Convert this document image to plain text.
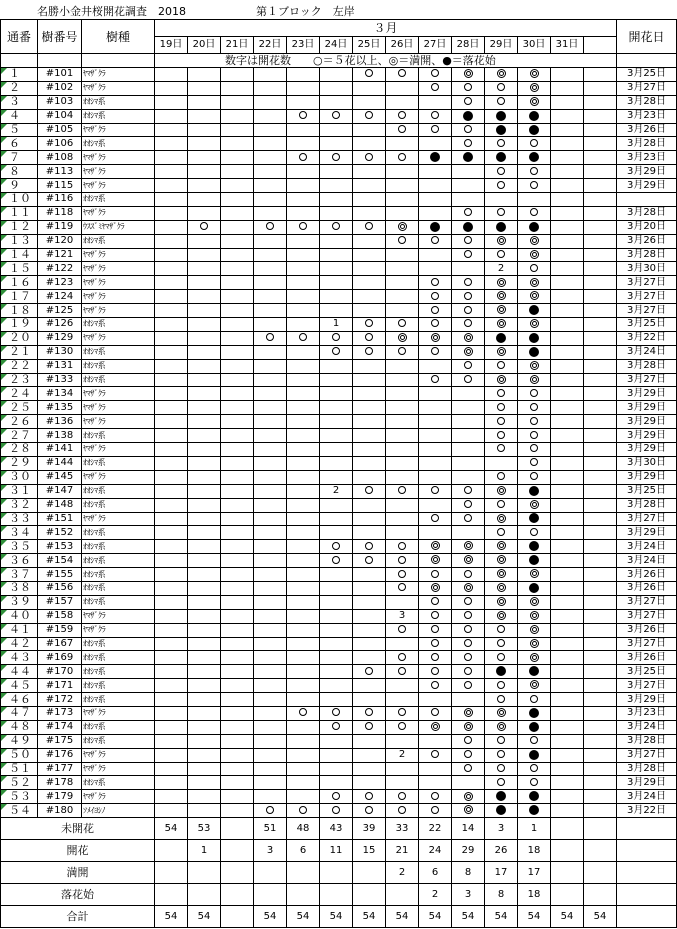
名勝小金井桜開花調査　2018	第１ブロック　左岸
通番	樹番号	樹種	３月														開花日
			19日	20日	21日	22日	23日	24日	25日	26日	27日	28日	29日	30日	31日		
			数字は開花数　　○＝５花以上、◎＝満開、●＝落花始														
１	#101	ﾔﾏｻﾞｸﾗ															3月25日
２	#102	ﾔﾏｻﾞｸﾗ															3月27日
３	#103	ｵｵｼﾏ系															3月28日
４	#104	ｵｵｼﾏ系															3月23日
５	#105	ﾔﾏｻﾞｸﾗ															3月26日
６	#106	ｵｵｼﾏ系															3月28日
７	#108	ﾔﾏｻﾞｸﾗ															3月23日
８	#113	ﾔﾏｻﾞｸﾗ															3月29日
９	#115	ﾔﾏｻﾞｸﾗ															3月29日
１０	#116	ｵｵｼﾏ系															
１１	#118	ﾔﾏｻﾞｸﾗ															3月28日
１２	#119	ｳｽｽﾞﾐﾔﾏｻﾞｸﾗ															3月20日
１３	#120	ｵｵｼﾏ系															3月26日
１４	#121	ﾔﾏｻﾞｸﾗ															3月28日
１５	#122	ﾔﾏｻﾞｸﾗ											2				3月30日
１６	#123	ﾔﾏｻﾞｸﾗ															3月27日
１７	#124	ﾔﾏｻﾞｸﾗ															3月27日
１８	#125	ﾔﾏｻﾞｸﾗ															3月27日
１９	#126	ｵｵｼﾏ系						1									3月25日
２０	#129	ﾔﾏｻﾞｸﾗ															3月22日
２１	#130	ｵｵｼﾏ系															3月24日
２２	#131	ｵｵｼﾏ系															3月28日
２３	#133	ｵｵｼﾏ系															3月27日
２４	#134	ﾔﾏｻﾞｸﾗ															3月29日
２５	#135	ﾔﾏｻﾞｸﾗ															3月29日
２６	#136	ﾔﾏｻﾞｸﾗ															3月29日
２７	#138	ｵｵｼﾏ系															3月29日
２８	#141	ﾔﾏｻﾞｸﾗ															3月29日
２９	#144	ｵｵｼﾏ系															3月30日
３０	#145	ﾔﾏｻﾞｸﾗ															3月29日
３１	#147	ｵｵｼﾏ系						2									3月25日
３２	#148	ｵｵｼﾏ系															3月28日
３３	#151	ﾔﾏｻﾞｸﾗ															3月27日
３４	#152	ｵｵｼﾏ系															3月29日
３５	#153	ｵｵｼﾏ系															3月24日
３６	#154	ｵｵｼﾏ系															3月24日
３７	#155	ｵｵｼﾏ系															3月26日
３８	#156	ｵｵｼﾏ系															3月26日
３９	#157	ｵｵｼﾏ系															3月27日
４０	#158	ﾔﾏｻﾞｸﾗ								3							3月27日
４１	#159	ﾔﾏｻﾞｸﾗ															3月26日
４２	#167	ｵｵｼﾏ系															3月27日
４３	#169	ｵｵｼﾏ系															3月26日
４４	#170	ｵｵｼﾏ系															3月25日
４５	#171	ｵｵｼﾏ系															3月27日
４６	#172	ｵｵｼﾏ系															3月29日
４７	#173	ﾔﾏｻﾞｸﾗ															3月23日
４８	#174	ｵｵｼﾏ系															3月24日
４９	#175	ｵｵｼﾏ系															3月28日
５０	#176	ﾔﾏｻﾞｸﾗ								2							3月27日
５１	#177	ﾔﾏｻﾞｸﾗ															3月28日
５２	#178	ｵｵｼﾏ系															3月29日
５３	#179	ﾔﾏｻﾞｸﾗ															3月24日
５４	#180	ｿﾒｲﾖｼﾉ															3月22日
未開花			54	53		51	48	43	39	33	22	14	3	1			
開花				1		3	6	11	15	21	24	29	26	18			
満開										2	6	8	17	17			
落花始											2	3	8	18			
合計			54	54		54	54	54	54	54	54	54	54	54	54	54	
